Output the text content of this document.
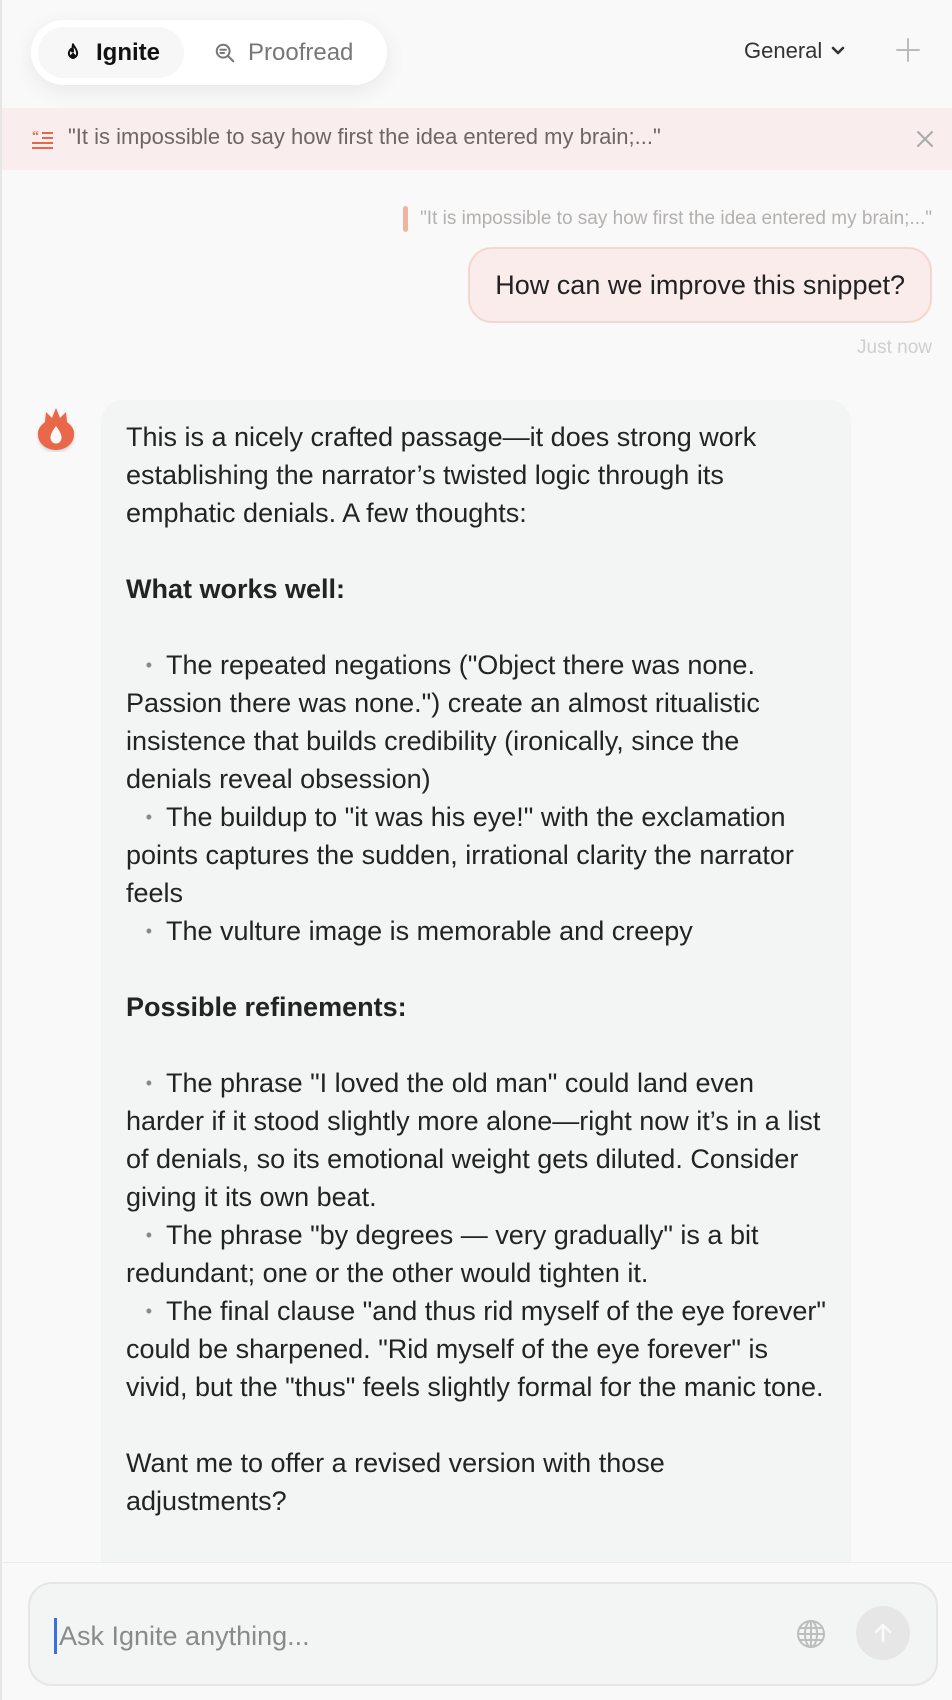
Ignite	Proofread	General
“ "It is impossible to say how first the idea entered my brain;..."
"It is impossible to say how first the idea entered my brain;..."
How can we improve this snippet?
Just now

This is a nicely crafted passage—it does strong work establishing the narrator’s twisted logic through its emphatic denials. A few thoughts:

What works well:

• The repeated negations ("Object there was none. Passion there was none.") create an almost ritualistic insistence that builds credibility (ironically, since the denials reveal obsession)

• The buildup to "it was his eye!" with the exclamation points captures the sudden, irrational clarity the narrator feels

• The vulture image is memorable and creepy

Possible refinements:

• The phrase "I loved the old man" could land even harder if it stood slightly more alone—right now it’s in a list of denials, so its emotional weight gets diluted. Consider giving it its own beat.

• The phrase "by degrees — very gradually" is a bit redundant; one or the other would tighten it.

• The final clause "and thus rid myself of the eye forever" could be sharpened. "Rid myself of the eye forever" is vivid, but the "thus" feels slightly formal for the manic tone.

Want me to offer a revised version with those adjustments?

Ask Ignite anything...
